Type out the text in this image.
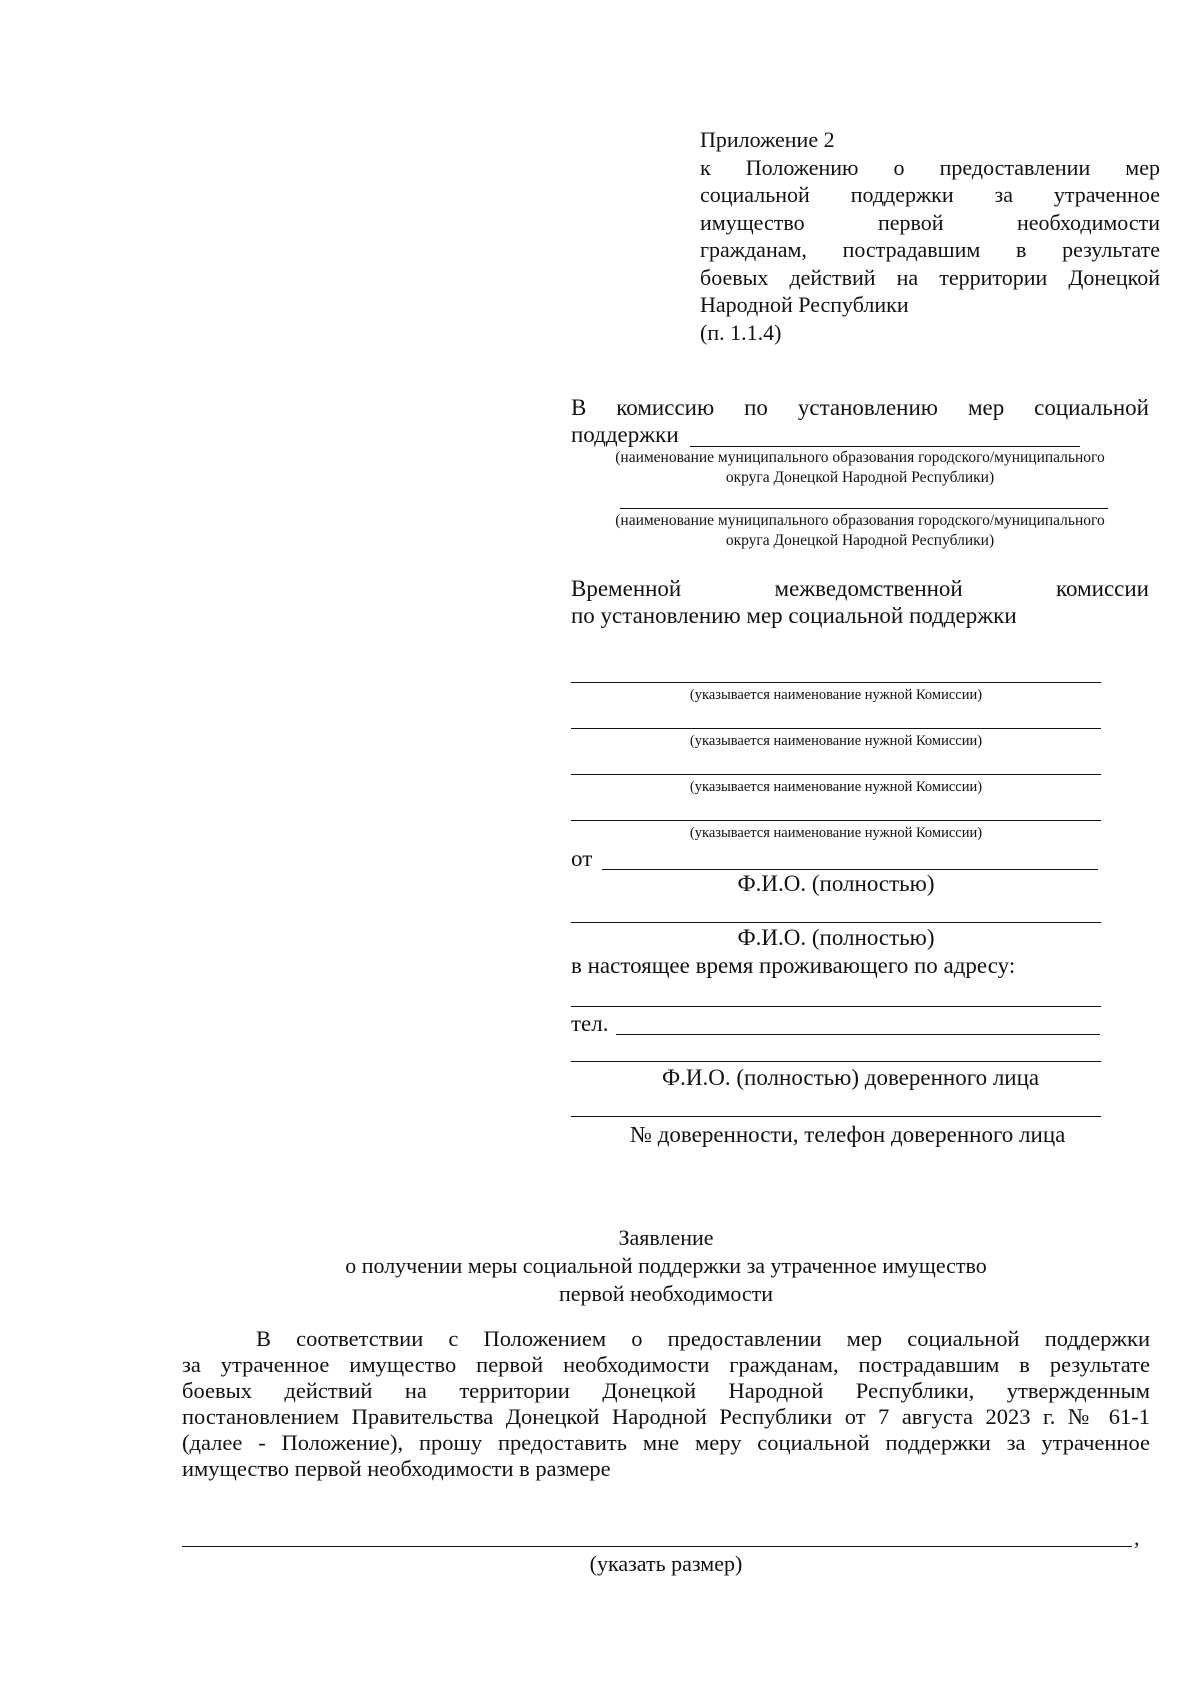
Приложение 2
к Положению о предоставлении мер
социальной поддержки за утраченное
имущество первой необходимости
гражданам, пострадавшим в результате
боевых действий на территории Донецкой
Народной Республики
(п. 1.1.4)
В комиссию по установлению мер социальной
поддержки
(наименование муниципального образования городского/муниципального
округа Донецкой Народной Республики)
(наименование муниципального образования городского/муниципального
округа Донецкой Народной Республики)
Временной межведомственной комиссии
по установлению мер социальной поддержки
(указывается наименование нужной Комиссии)
(указывается наименование нужной Комиссии)
(указывается наименование нужной Комиссии)
(указывается наименование нужной Комиссии)
от
Ф.И.О. (полностью)
Ф.И.О. (полностью)
в настоящее время проживающего по адресу:
тел.
Ф.И.О. (полностью) доверенного лица
№ доверенности, телефон доверенного лица
Заявление
о получении меры социальной поддержки за утраченное имущество
первой необходимости
В соответствии с Положением о предоставлении мер социальной поддержки
за утраченное имущество первой необходимости гражданам, пострадавшим в результате
боевых действий на территории Донецкой Народной Республики, утвержденным
постановлением Правительства Донецкой Народной Республики от 7 августа 2023 г. № 61-1
(далее - Положение), прошу предоставить мне меру социальной поддержки за утраченное
имущество первой необходимости в размере
,
(указать размер)
